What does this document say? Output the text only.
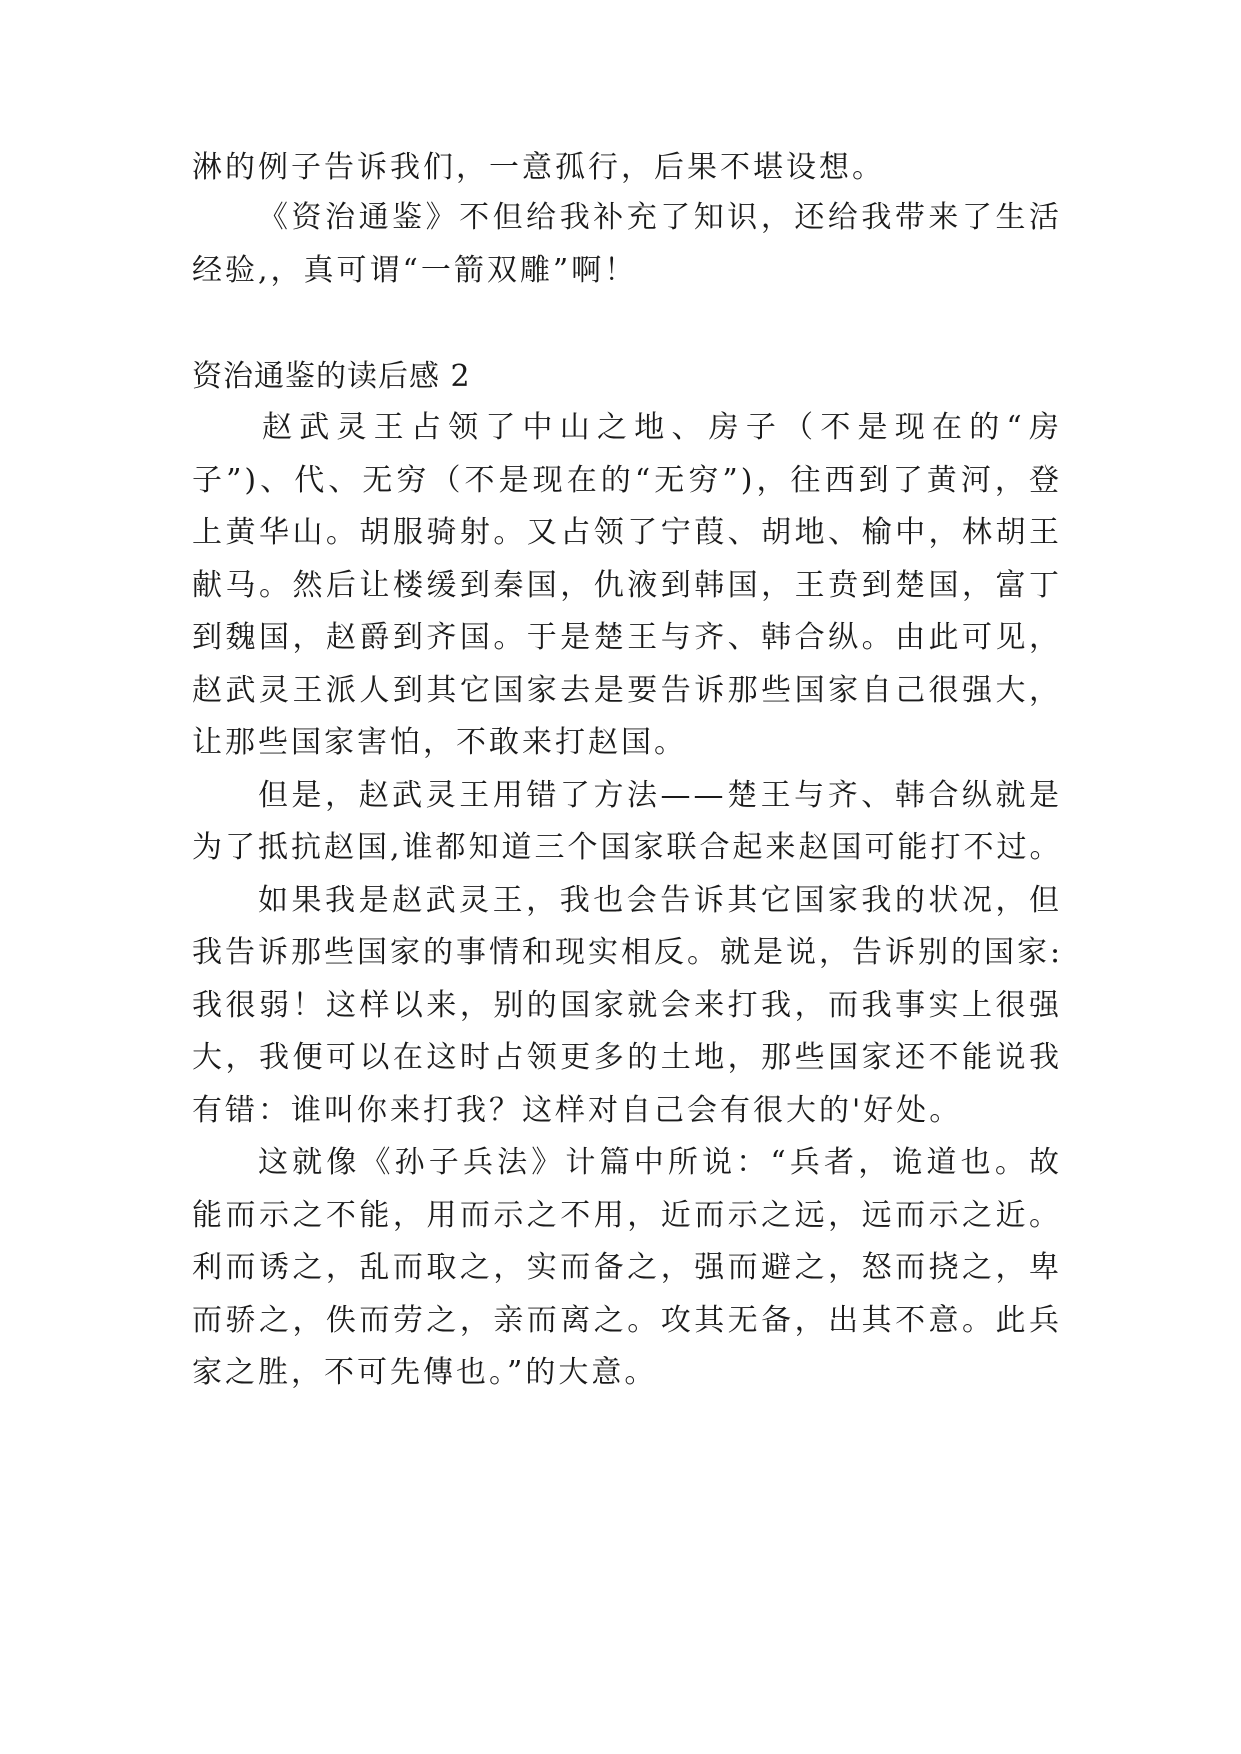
淋的例子告诉我们，一意孤行，后果不堪设想。
《资治通鉴》不但给我补充了知识，还给我带来了生活
经验,，真可谓“一箭双雕”啊！
资治通鉴的读后感 2
赵武灵王占领了中山之地、房子（不是现在的“房
子”)、代、无穷（不是现在的“无穷”)，往西到了黄河，登
上黄华山。胡服骑射。又占领了宁葭、胡地、榆中，林胡王
献马。然后让楼缓到秦国，仇液到韩国，王贲到楚国，富丁
到魏国，赵爵到齐国。于是楚王与齐、韩合纵。由此可见，
赵武灵王派人到其它国家去是要告诉那些国家自己很强大，
让那些国家害怕，不敢来打赵国。
但是，赵武灵王用错了方法——楚王与齐、韩合纵就是
为了抵抗赵国,谁都知道三个国家联合起来赵国可能打不过。
如果我是赵武灵王，我也会告诉其它国家我的状况，但
我告诉那些国家的事情和现实相反。就是说，告诉别的国家:
我很弱！这样以来，别的国家就会来打我，而我事实上很强
大，我便可以在这时占领更多的土地，那些国家还不能说我
有错：谁叫你来打我？这样对自己会有很大的'好处。
这就像《孙子兵法》计篇中所说：“兵者，诡道也。故
能而示之不能，用而示之不用，近而示之远，远而示之近。
利而诱之，乱而取之，实而备之，强而避之，怒而挠之，卑
而骄之，佚而劳之，亲而离之。攻其无备，出其不意。此兵
家之胜，不可先傳也。”的大意。
